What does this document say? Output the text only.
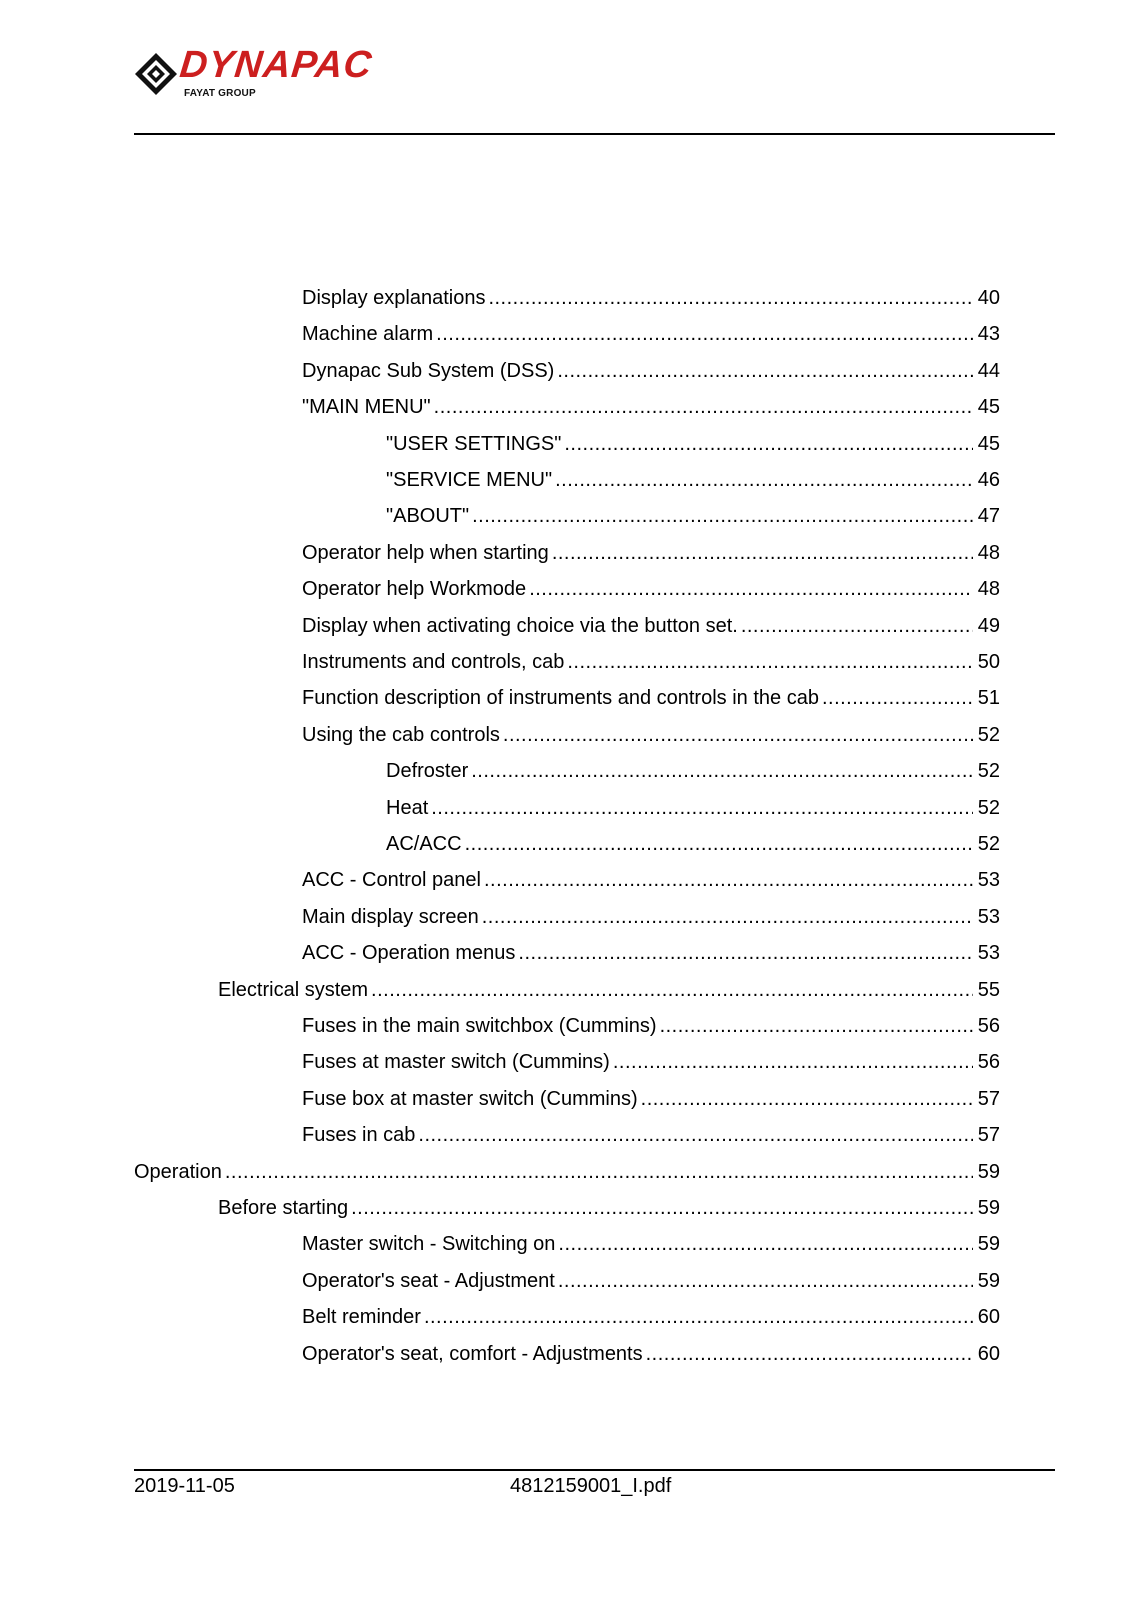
DYNAPAC
FAYAT GROUP
Display explanations .....	40
Machine alarm .....	43
Dynapac Sub System (DSS) .....	44
"MAIN MENU" .....	45
"USER SETTINGS" .....	45
"SERVICE MENU" .....	46
"ABOUT" .....	47
Operator help when starting .....	48
Operator help Workmode .....	48
Display when activating choice via the button set. .....	49
Instruments and controls, cab .....	50
Function description of instruments and controls in the cab .....	51
Using the cab controls .....	52
Defroster .....	52
Heat .....	52
AC/ACC .....	52
ACC - Control panel .....	53
Main display screen .....	53
ACC - Operation menus .....	53
Electrical system .....	55
Fuses in the main switchbox (Cummins) .....	56
Fuses at master switch (Cummins) .....	56
Fuse box at master switch (Cummins) .....	57
Fuses in cab .....	57
Operation .....	59
Before starting .....	59
Master switch - Switching on .....	59
Operator's seat - Adjustment .....	59
Belt reminder .....	60
Operator's seat, comfort - Adjustments .....	60
2019-11-05	4812159001_I.pdf
